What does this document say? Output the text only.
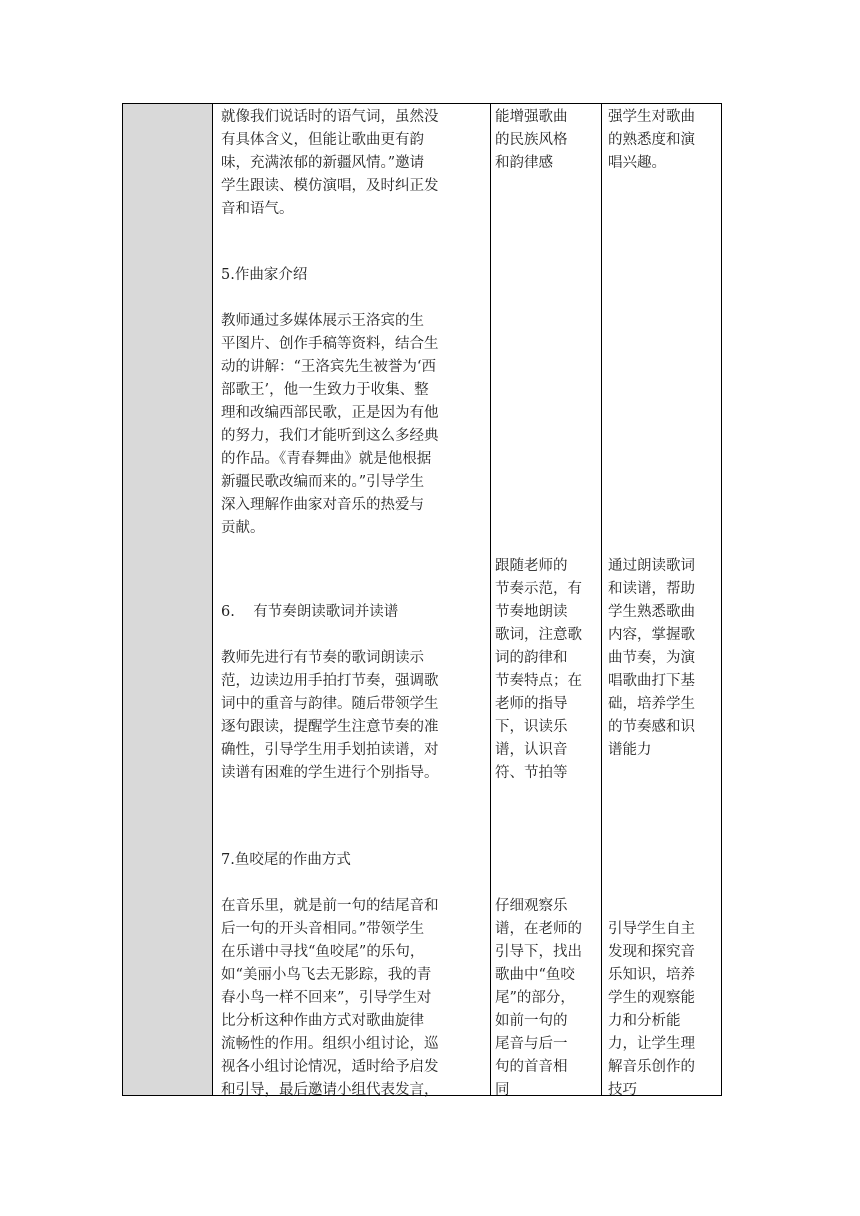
就像我们说话时的语气词，虽然没
有具体含义，但能让歌曲更有韵
味，充满浓郁的新疆风情。”邀请
学生跟读、模仿演唱，及时纠正发
音和语气。
5.作曲家介绍
教师通过多媒体展示王洛宾的生
平图片、创作手稿等资料，结合生
动的讲解：“王洛宾先生被誉为‘西
部歌王’，他一生致力于收集、整
理和改编西部民歌，正是因为有他
的努力，我们才能听到这么多经典
的作品。《青春舞曲》就是他根据
新疆民歌改编而来的。”引导学生
深入理解作曲家对音乐的热爱与
贡献。
6.    有节奏朗读歌词并读谱
教师先进行有节奏的歌词朗读示
范，边读边用手拍打节奏，强调歌
词中的重音与韵律。随后带领学生
逐句跟读，提醒学生注意节奏的准
确性，引导学生用手划拍读谱，对
读谱有困难的学生进行个别指导。
7.鱼咬尾的作曲方式
在音乐里，就是前一句的结尾音和
后一句的开头音相同。”带领学生
在乐谱中寻找“鱼咬尾”的乐句，
如“美丽小鸟飞去无影踪，我的青
春小鸟一样不回来”，引导学生对
比分析这种作曲方式对歌曲旋律
流畅性的作用。组织小组讨论，巡
视各小组讨论情况，适时给予启发
和引导，最后邀请小组代表发言，
能增强歌曲
的民族风格
和韵律感
跟随老师的
节奏示范，有
节奏地朗读
歌词，注意歌
词的韵律和
节奏特点；在
老师的指导
下，识读乐
谱，认识音
符、节拍等
仔细观察乐
谱，在老师的
引导下，找出
歌曲中“鱼咬
尾”的部分，
如前一句的
尾音与后一
句的首音相
同
强学生对歌曲
的熟悉度和演
唱兴趣。
通过朗读歌词
和读谱，帮助
学生熟悉歌曲
内容，掌握歌
曲节奏，为演
唱歌曲打下基
础，培养学生
的节奏感和识
谱能力
引导学生自主
发现和探究音
乐知识，培养
学生的观察能
力和分析能
力，让学生理
解音乐创作的
技巧
